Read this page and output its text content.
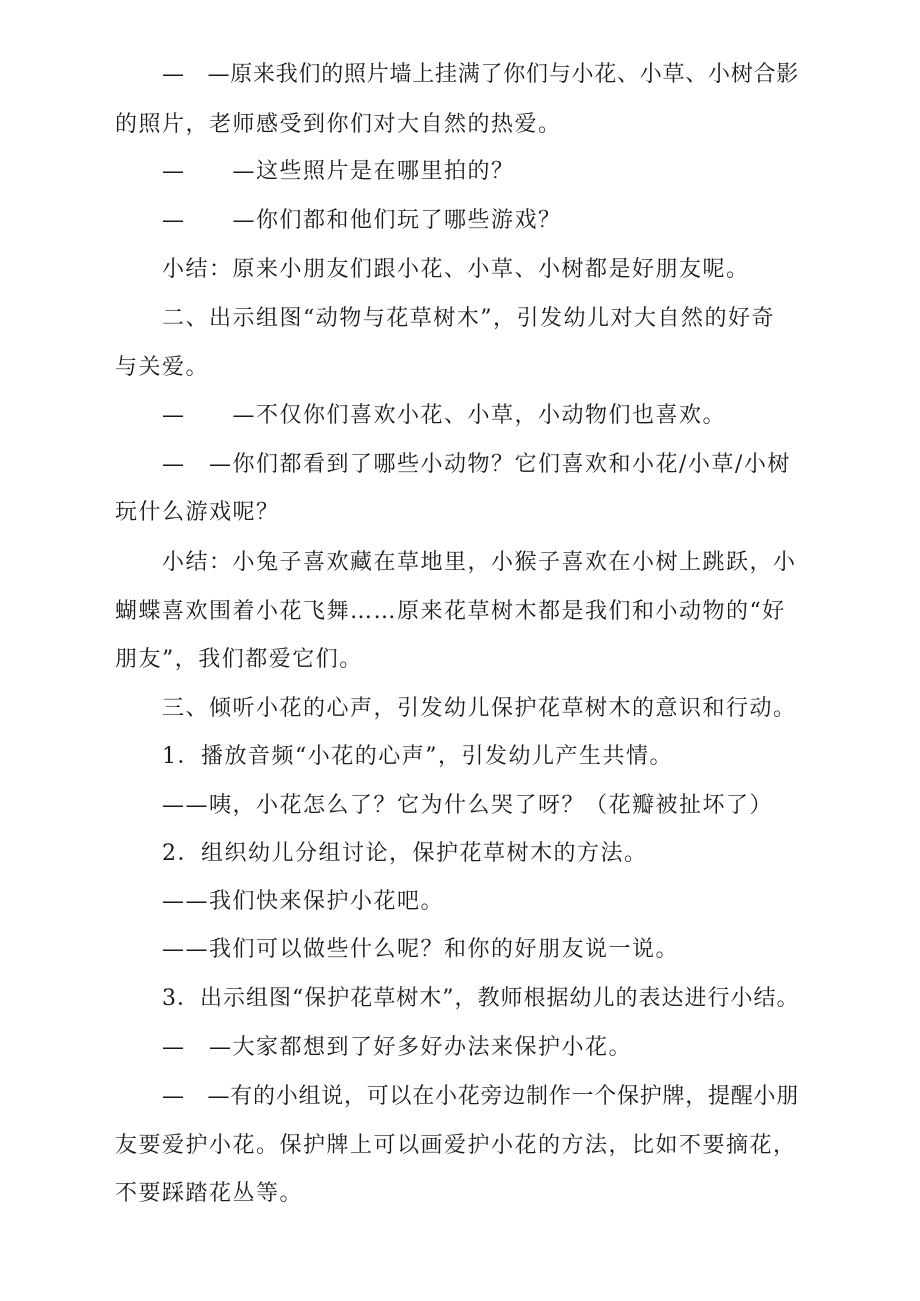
—　—原来我们的照片墙上挂满了你们与小花、小草、小树合影

的照片，老师感受到你们对大自然的热爱。

—　　—这些照片是在哪里拍的？

—　　—你们都和他们玩了哪些游戏？

小结：原来小朋友们跟小花、小草、小树都是好朋友呢。

二、出示组图“动物与花草树木”，引发幼儿对大自然的好奇

与关爱。

—　　—不仅你们喜欢小花、小草，小动物们也喜欢。

—　—你们都看到了哪些小动物？它们喜欢和小花/小草/小树

玩什么游戏呢？

小结：小兔子喜欢藏在草地里，小猴子喜欢在小树上跳跃，小

蝴蝶喜欢围着小花飞舞……原来花草树木都是我们和小动物的“好

朋友”，我们都爱它们。

三、倾听小花的心声，引发幼儿保护花草树木的意识和行动。

1．播放音频“小花的心声”，引发幼儿产生共情。

——咦，小花怎么了？它为什么哭了呀？（花瓣被扯坏了）

2．组织幼儿分组讨论，保护花草树木的方法。

——我们快来保护小花吧。

——我们可以做些什么呢？和你的好朋友说一说。

3．出示组图“保护花草树木”，教师根据幼儿的表达进行小结。

—　—大家都想到了好多好办法来保护小花。

—　—有的小组说，可以在小花旁边制作一个保护牌，提醒小朋

友要爱护小花。保护牌上可以画爱护小花的方法，比如不要摘花，

不要踩踏花丛等。
